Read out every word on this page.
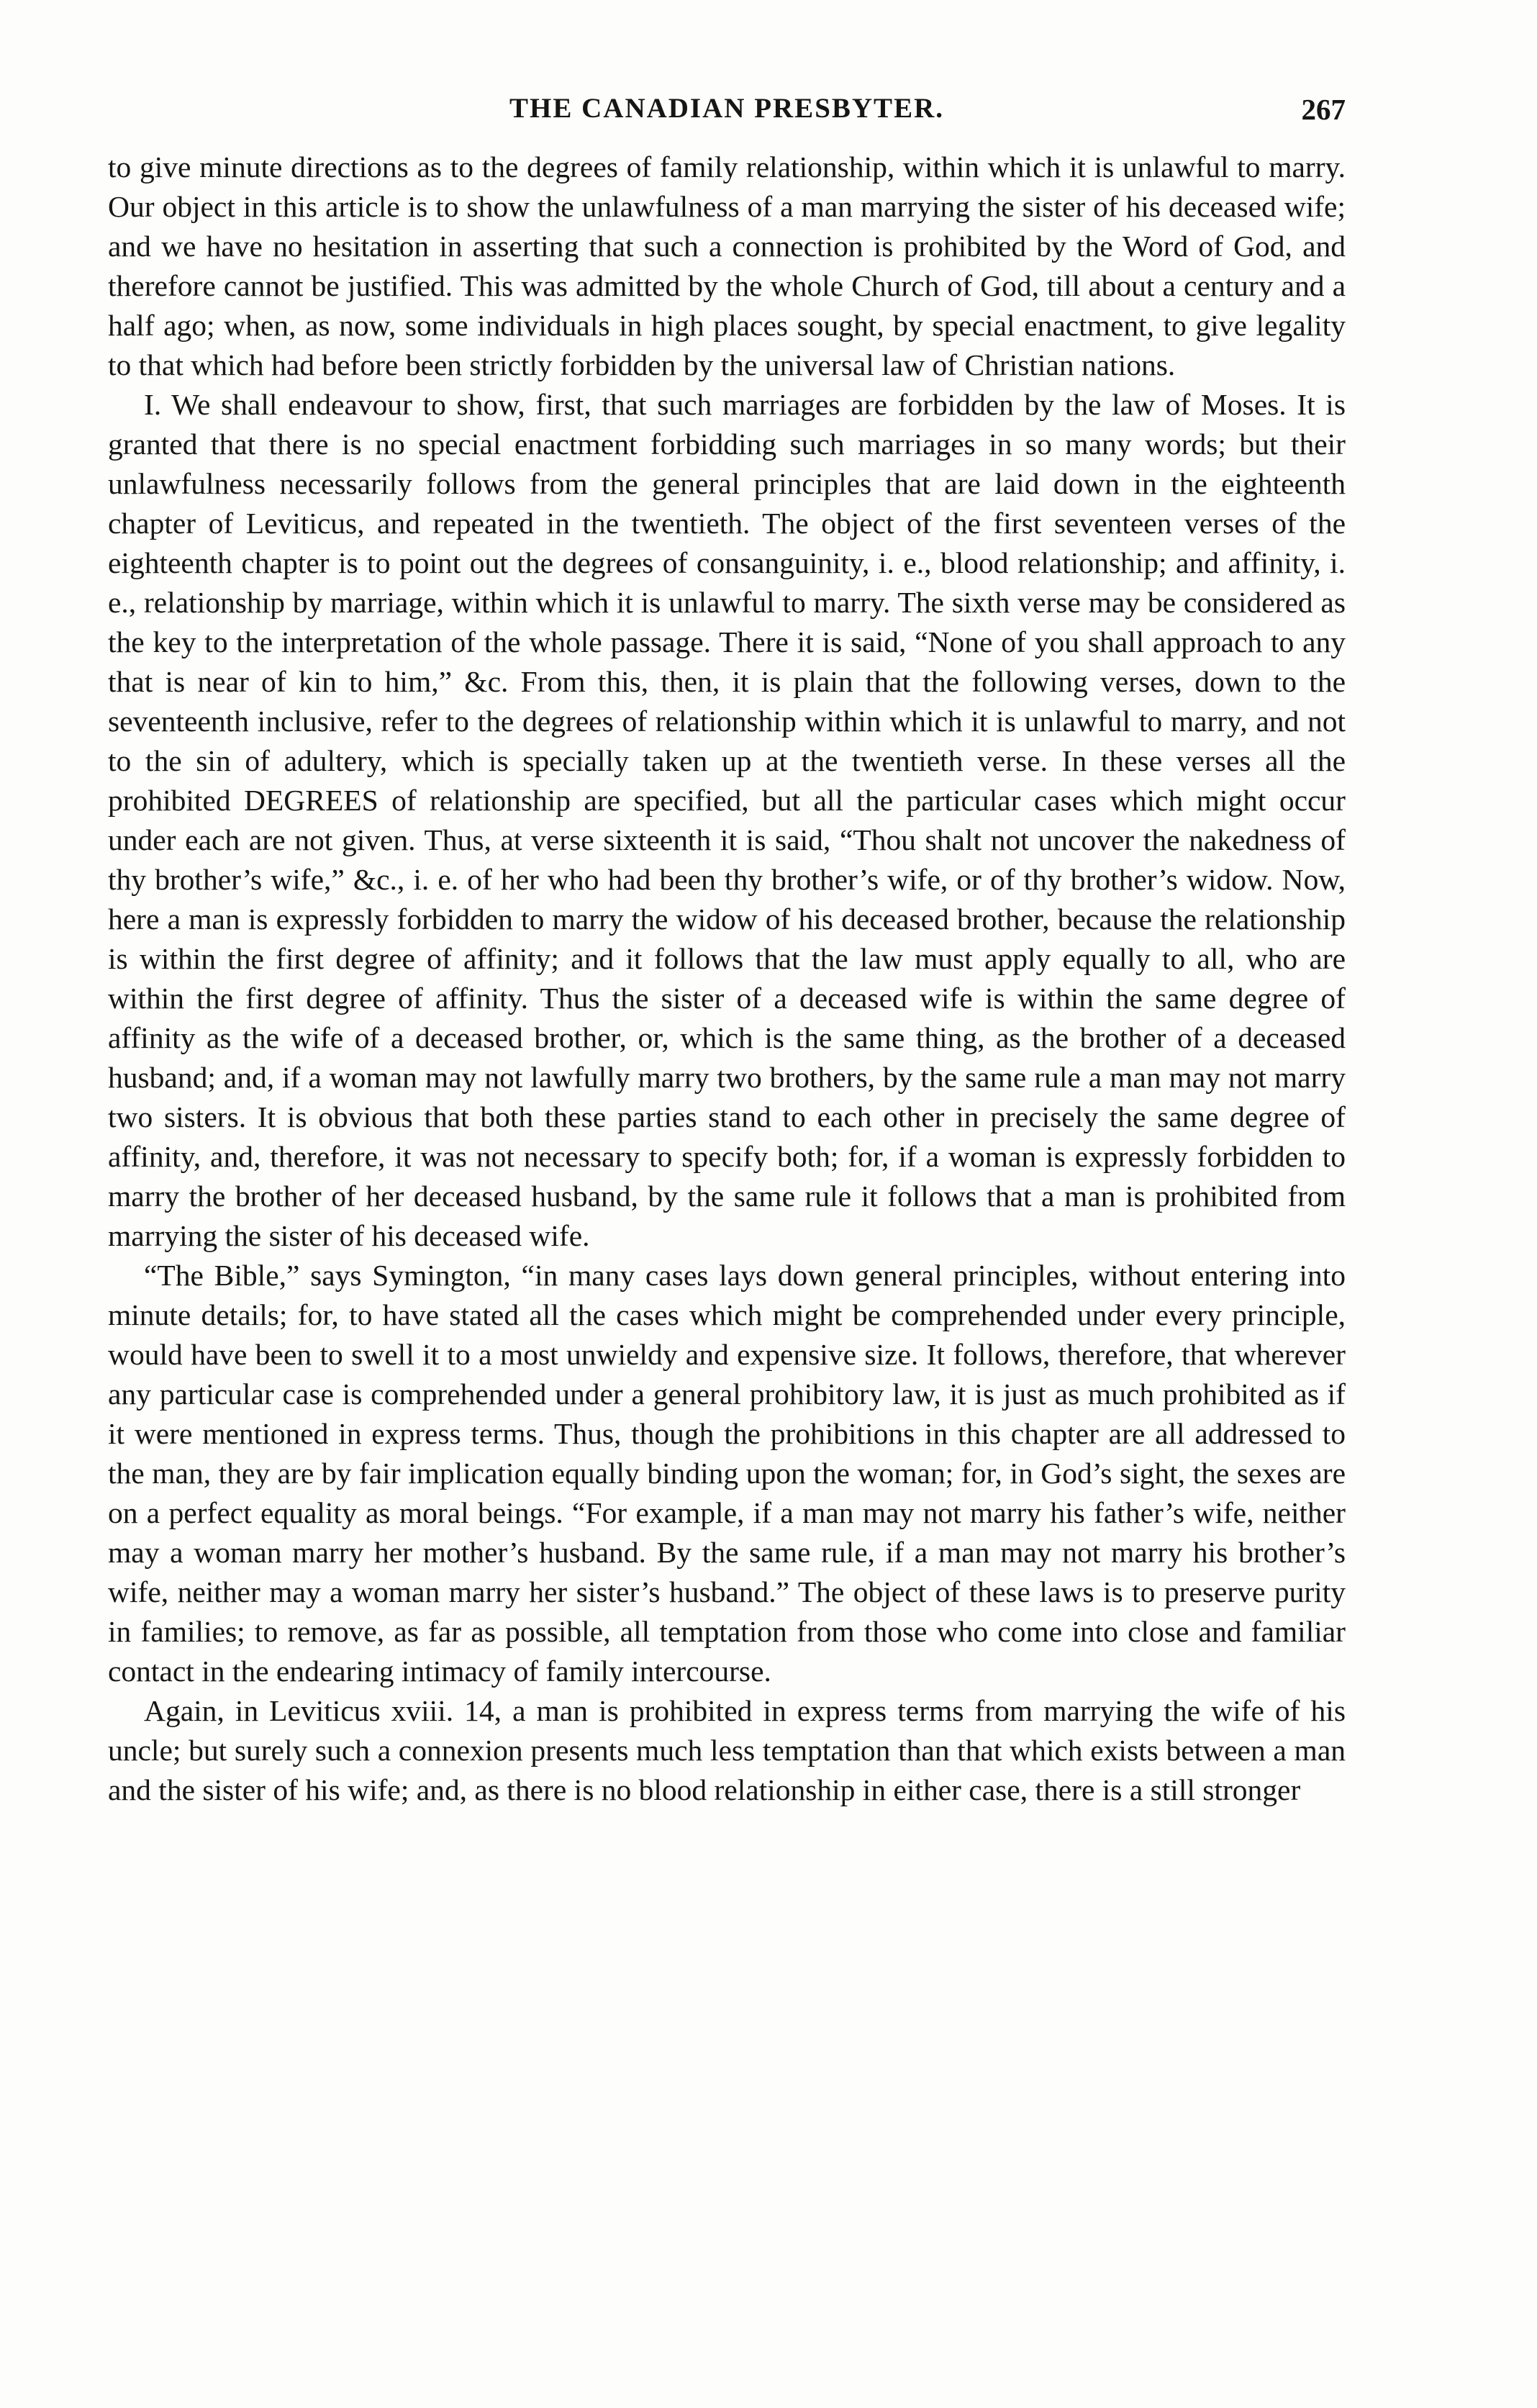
THE CANADIAN PRESBYTER.	267

to give minute directions as to the degrees of family relationship, within which it is unlawful to marry. Our object in this article is to show the unlawfulness of a man marrying the sister of his deceased wife; and we have no hesitation in asserting that such a connection is prohibited by the Word of God, and therefore cannot be justified. This was admitted by the whole Church of God, till about a century and a half ago; when, as now, some individuals in high places sought, by special enactment, to give legality to that which had before been strictly forbidden by the universal law of Christian nations.

I. We shall endeavour to show, first, that such marriages are forbidden by the law of Moses. It is granted that there is no special enactment forbidding such marriages in so many words; but their unlawfulness necessarily follows from the general principles that are laid down in the eighteenth chapter of Leviticus, and repeated in the twentieth. The object of the first seventeen verses of the eighteenth chapter is to point out the degrees of consanguinity, i. e., blood relationship; and affinity, i. e., relationship by marriage, within which it is unlawful to marry. The sixth verse may be considered as the key to the interpretation of the whole passage. There it is said, “None of you shall approach to any that is near of kin to him,” &c. From this, then, it is plain that the following verses, down to the seventeenth inclusive, refer to the degrees of relationship within which it is unlawful to marry, and not to the sin of adultery, which is specially taken up at the twentieth verse. In these verses all the prohibited DEGREES of relationship are specified, but all the particular cases which might occur under each are not given. Thus, at verse sixteenth it is said, “Thou shalt not uncover the nakedness of thy brother’s wife,” &c., i. e. of her who had been thy brother’s wife, or of thy brother’s widow. Now, here a man is expressly forbidden to marry the widow of his deceased brother, because the relationship is within the first degree of affinity; and it follows that the law must apply equally to all, who are within the first degree of affinity. Thus the sister of a deceased wife is within the same degree of affinity as the wife of a deceased brother, or, which is the same thing, as the brother of a deceased husband; and, if a woman may not lawfully marry two brothers, by the same rule a man may not marry two sisters. It is obvious that both these parties stand to each other in precisely the same degree of affinity, and, therefore, it was not necessary to specify both; for, if a woman is expressly forbidden to marry the brother of her deceased husband, by the same rule it follows that a man is prohibited from marrying the sister of his deceased wife.

“The Bible,” says Symington, “in many cases lays down general principles, without entering into minute details; for, to have stated all the cases which might be comprehended under every principle, would have been to swell it to a most unwieldy and expensive size. It follows, therefore, that wherever any particular case is comprehended under a general prohibitory law, it is just as much prohibited as if it were mentioned in express terms. Thus, though the prohibitions in this chapter are all addressed to the man, they are by fair implication equally binding upon the woman; for, in God’s sight, the sexes are on a perfect equality as moral beings. “For example, if a man may not marry his father’s wife, neither may a woman marry her mother’s husband. By the same rule, if a man may not marry his brother’s wife, neither may a woman marry her sister’s husband.” The object of these laws is to preserve purity in families; to remove, as far as possible, all temptation from those who come into close and familiar contact in the endearing intimacy of family intercourse.

Again, in Leviticus xviii. 14, a man is prohibited in express terms from marrying the wife of his uncle; but surely such a connexion presents much less temptation than that which exists between a man and the sister of his wife; and, as there is no blood relationship in either case, there is a still stronger
